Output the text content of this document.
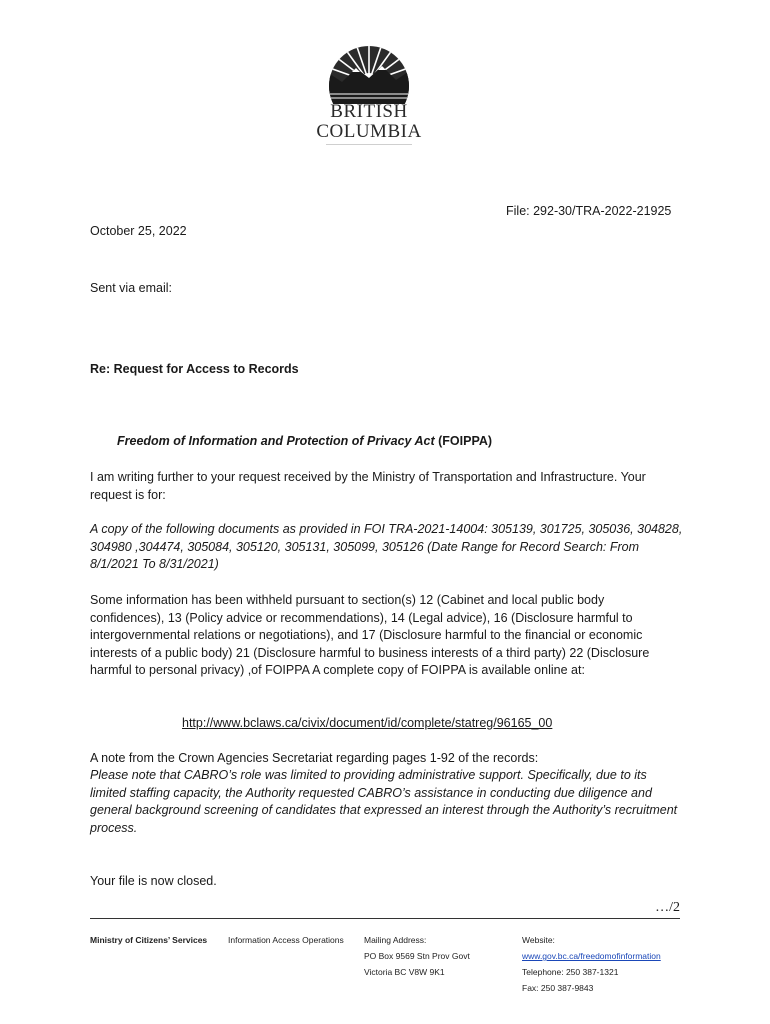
BRITISH
COLUMBIA
File: 292-30/TRA-2022-21925
October 25, 2022
Sent via email:
Re: Request for Access to Records
Freedom of Information and Protection of Privacy Act (FOIPPA)
I am writing further to your request received by the Ministry of Transportation and Infrastructure. Your request is for:
A copy of the following documents as provided in FOI TRA-2021-14004: 305139, 301725, 305036, 304828, 304980 ,304474, 305084, 305120, 305131, 305099, 305126 (Date Range for Record Search: From 8/1/2021 To 8/31/2021)
Some information has been withheld pursuant to section(s) 12 (Cabinet and local public body confidences), 13 (Policy advice or recommendations), 14 (Legal advice), 16 (Disclosure harmful to intergovernmental relations or negotiations), and 17 (Disclosure harmful to the financial or economic interests of a public body) 21 (Disclosure harmful to business interests of a third party) 22 (Disclosure harmful to personal privacy) ,of FOIPPA A complete copy of FOIPPA is available online at:
http://www.bclaws.ca/civix/document/id/complete/statreg/96165_00
A note from the Crown Agencies Secretariat regarding pages 1-92 of the records:
Please note that CABRO’s role was limited to providing administrative support. Specifically, due to its limited staffing capacity, the Authority requested CABRO’s assistance in conducting due diligence and general background screening of candidates that expressed an interest through the Authority’s recruitment process.
Your file is now closed.
…/2
Ministry of Citizens’ Services Information Access Operations Mailing Address:
PO Box 9569 Stn Prov Govt
Victoria BC V8W 9K1
Website:
www.gov.bc.ca/freedomofinformation
Telephone: 250 387-1321
Fax: 250 387-9843
